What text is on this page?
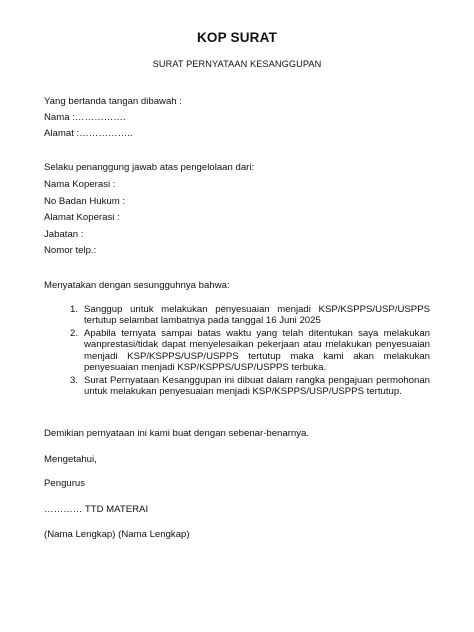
KOP SURAT
SURAT PERNYATAAN KESANGGUPAN
Yang bertanda tangan dibawah :
Nama :…………….
Alamat :……………..
Selaku penanggung jawab atas pengelolaan dari:
Nama Koperasi :
No Badan Hukum :
Alamat Koperasi :
Jabatan :
Nomor telp.:
Menyatakan dengan sesungguhnya bahwa:
1. Sanggup untuk melakukan penyesuaian menjadi KSP/KSPPS/USP/USPPS tertutup selambat lambatnya pada tanggal 16 Juni 2025
2. Apabila ternyata sampai batas waktu yang telah ditentukan saya melakukan wanprestasi/tidak dapat menyelesaikan pekerjaan atau melakukan penyesuaian menjadi KSP/KSPPS/USP/USPPS tertutup maka kami akan melakukan penyesuaian menjadi KSP/KSPPS/USP/USPPS terbuka.
3. Surat Pernyataan Kesanggupan ini dibuat dalam rangka pengajuan permohonan untuk melakukan penyesuaian menjadi KSP/KSPPS/USP/USPPS tertutup.
Demikian pernyataan ini kami buat dengan sebenar-benarnya.
Mengetahui,
Pengurus
………… TTD MATERAI
(Nama Lengkap) (Nama Lengkap)
